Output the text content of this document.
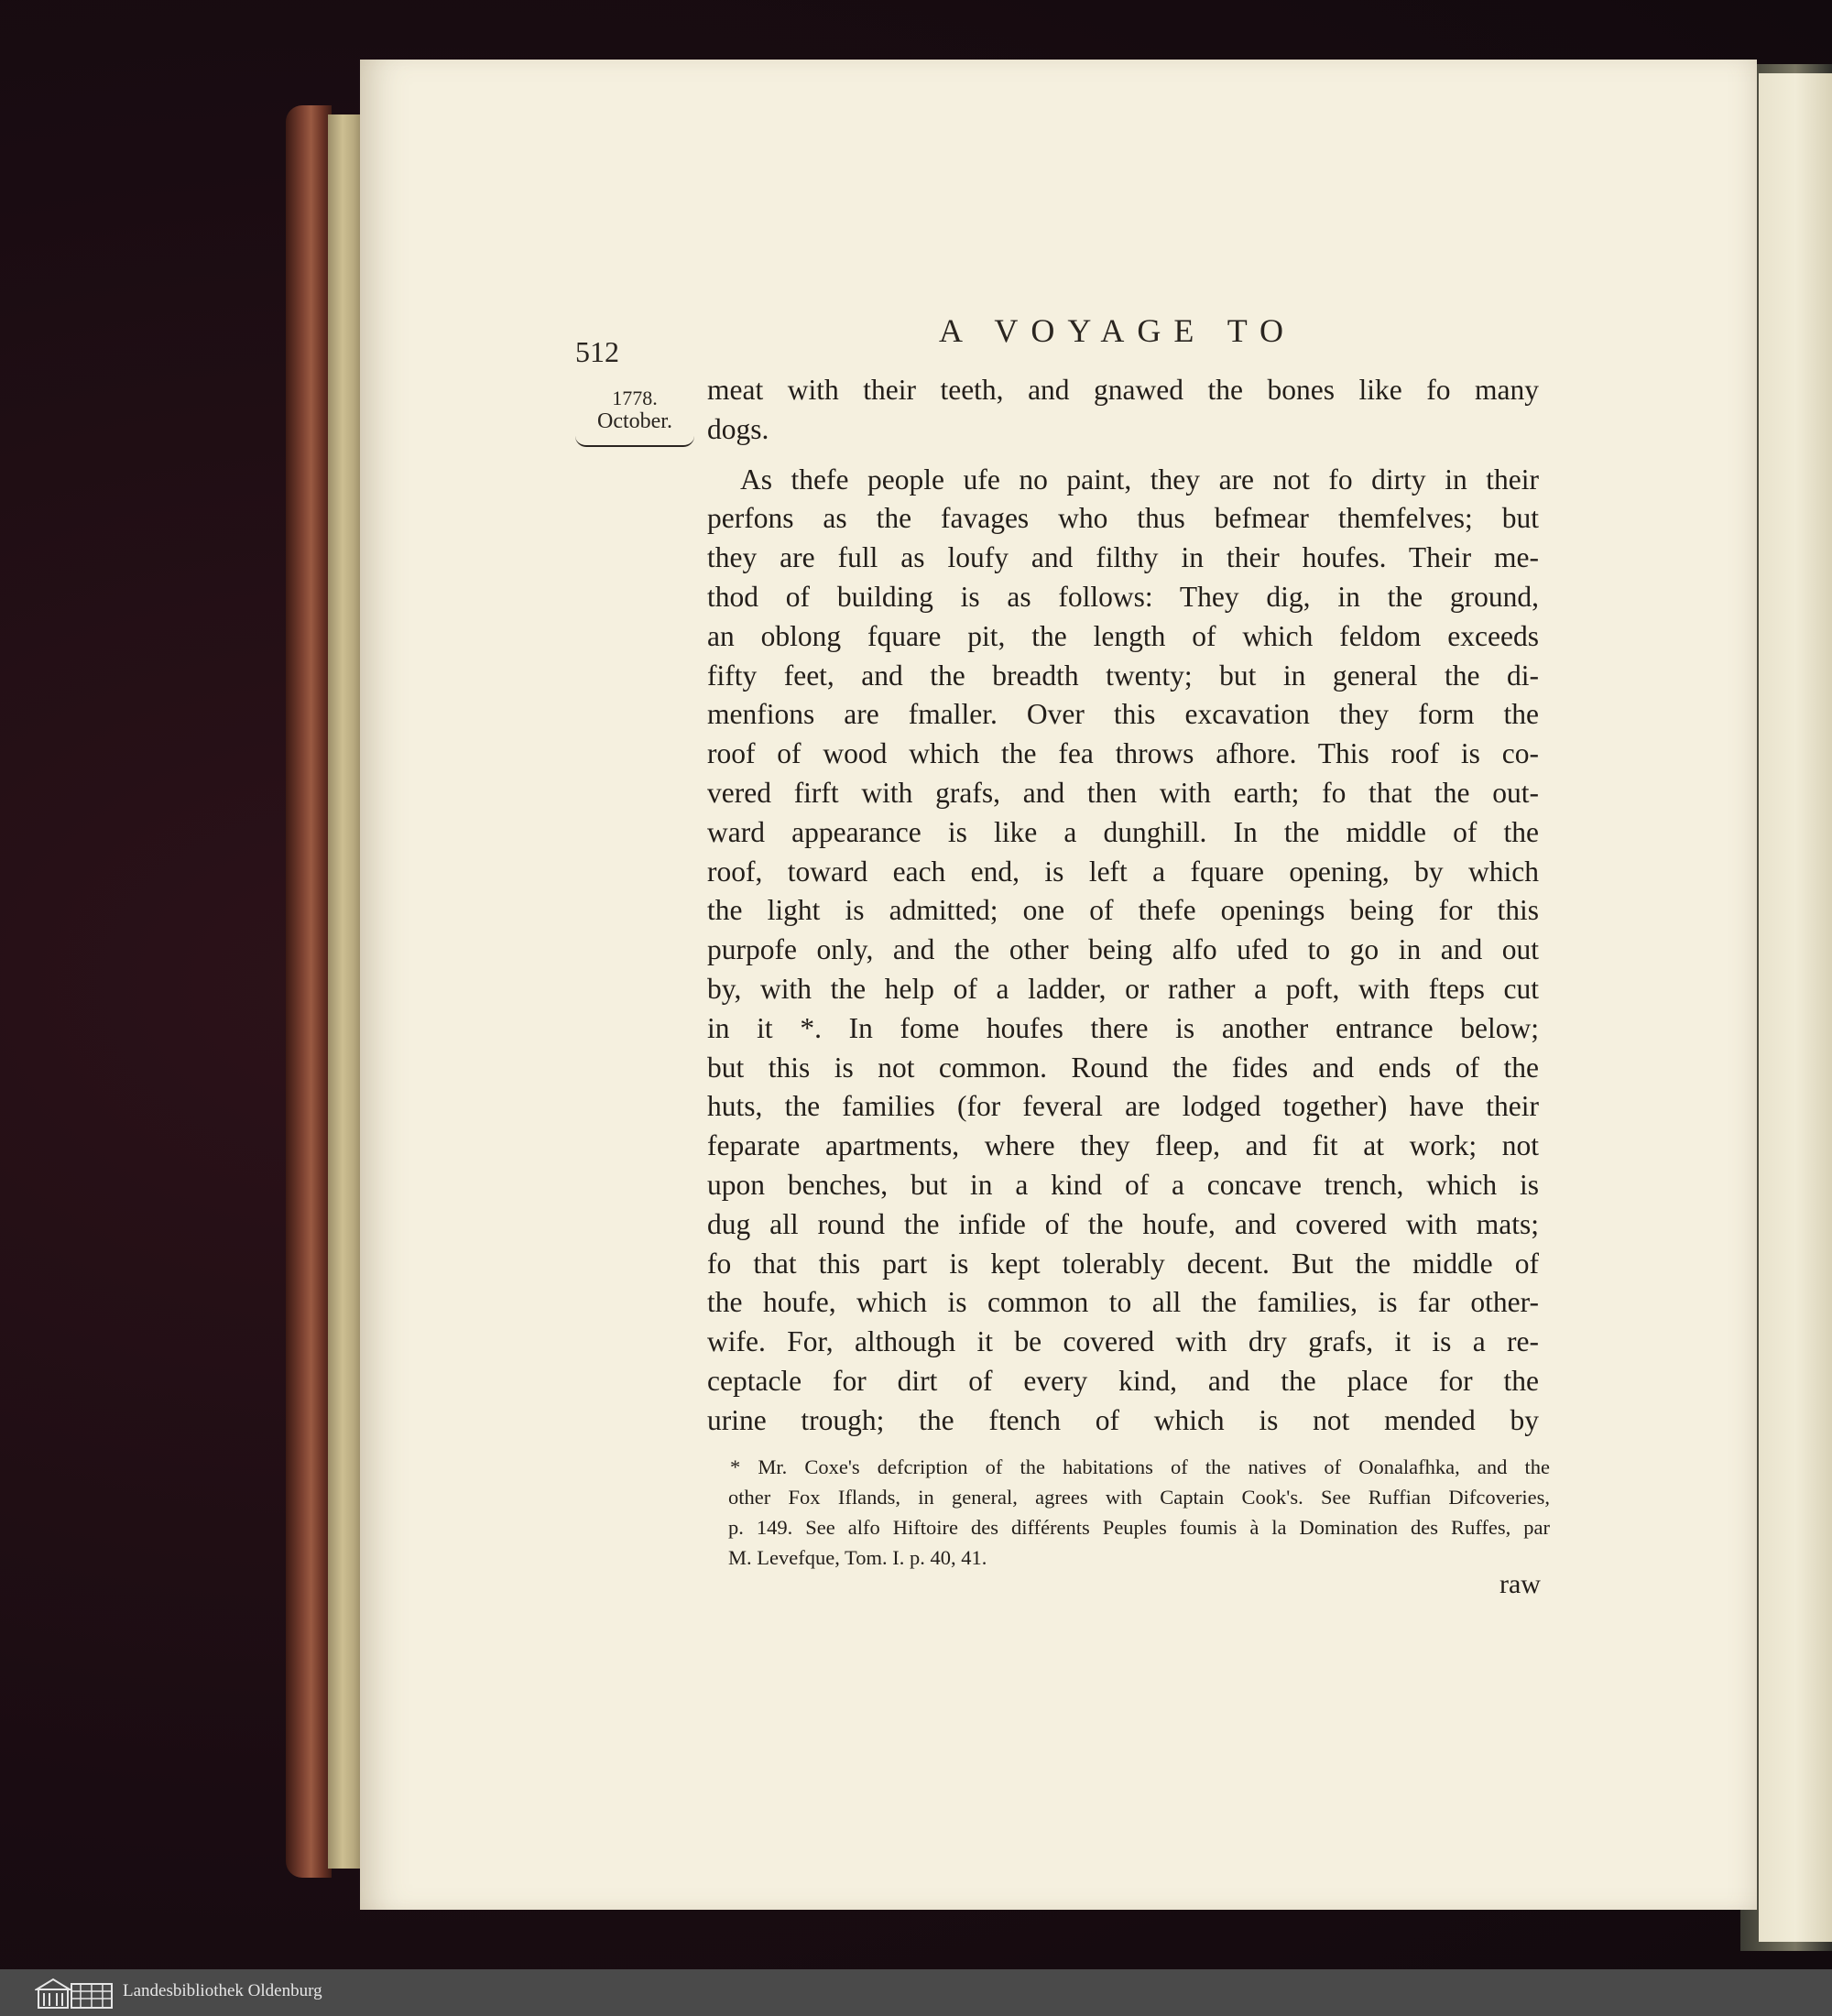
512
A VOYAGE TO
1778.
October.

meat with their teeth, and gnawed the bones like fo many
dogs.

As thefe people ufe no paint, they are not fo dirty in their
perfons as the favages who thus befmear themfelves; but
they are full as loufy and filthy in their houfes. Their me-
thod of building is as follows: They dig, in the ground,
an oblong fquare pit, the length of which feldom exceeds
fifty feet, and the breadth twenty; but in general the di-
menfions are fmaller. Over this excavation they form the
roof of wood which the fea throws afhore. This roof is co-
vered firft with grafs, and then with earth; fo that the out-
ward appearance is like a dunghill. In the middle of the
roof, toward each end, is left a fquare opening, by which
the light is admitted; one of thefe openings being for this
purpofe only, and the other being alfo ufed to go in and out
by, with the help of a ladder, or rather a poft, with fteps cut
in it *. In fome houfes there is another entrance below;
but this is not common. Round the fides and ends of the
huts, the families (for feveral are lodged together) have their
feparate apartments, where they fleep, and fit at work; not
upon benches, but in a kind of a concave trench, which is
dug all round the infide of the houfe, and covered with mats;
fo that this part is kept tolerably decent. But the middle of
the houfe, which is common to all the families, is far other-
wife. For, although it be covered with dry grafs, it is a re-
ceptacle for dirt of every kind, and the place for the
urine trough; the ftench of which is not mended by

* Mr. Coxe's defcription of the habitations of the natives of Oonalafhka, and the
other Fox Iflands, in general, agrees with Captain Cook's. See Ruffian Difcoveries,
p. 149. See alfo Hiftoire des différents Peuples foumis à la Domination des Ruffes, par
M. Levefque, Tom. I. p. 40, 41.
raw
Landesbibliothek Oldenburg
